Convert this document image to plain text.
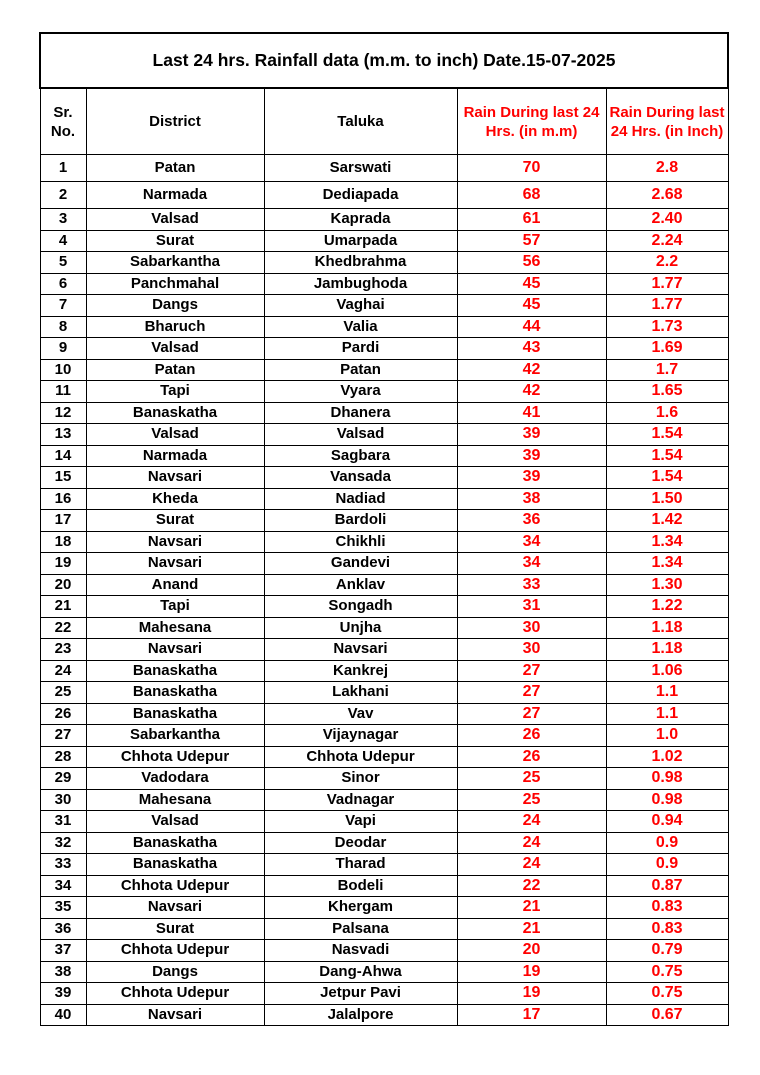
Last 24 hrs. Rainfall data (m.m. to inch) Date.15-07-2025				
Sr. No.	District	Taluka	Rain During last 24 Hrs. (in m.m)	Rain During last 24 Hrs. (in Inch)
1	Patan	Sarswati	70	2.8
2	Narmada	Dediapada	68	2.68
3	Valsad	Kaprada	61	2.40
4	Surat	Umarpada	57	2.24
5	Sabarkantha	Khedbrahma	56	2.2
6	Panchmahal	Jambughoda	45	1.77
7	Dangs	Vaghai	45	1.77
8	Bharuch	Valia	44	1.73
9	Valsad	Pardi	43	1.69
10	Patan	Patan	42	1.7
11	Tapi	Vyara	42	1.65
12	Banaskatha	Dhanera	41	1.6
13	Valsad	Valsad	39	1.54
14	Narmada	Sagbara	39	1.54
15	Navsari	Vansada	39	1.54
16	Kheda	Nadiad	38	1.50
17	Surat	Bardoli	36	1.42
18	Navsari	Chikhli	34	1.34
19	Navsari	Gandevi	34	1.34
20	Anand	Anklav	33	1.30
21	Tapi	Songadh	31	1.22
22	Mahesana	Unjha	30	1.18
23	Navsari	Navsari	30	1.18
24	Banaskatha	Kankrej	27	1.06
25	Banaskatha	Lakhani	27	1.1
26	Banaskatha	Vav	27	1.1
27	Sabarkantha	Vijaynagar	26	1.0
28	Chhota Udepur	Chhota Udepur	26	1.02
29	Vadodara	Sinor	25	0.98
30	Mahesana	Vadnagar	25	0.98
31	Valsad	Vapi	24	0.94
32	Banaskatha	Deodar	24	0.9
33	Banaskatha	Tharad	24	0.9
34	Chhota Udepur	Bodeli	22	0.87
35	Navsari	Khergam	21	0.83
36	Surat	Palsana	21	0.83
37	Chhota Udepur	Nasvadi	20	0.79
38	Dangs	Dang-Ahwa	19	0.75
39	Chhota Udepur	Jetpur Pavi	19	0.75
40	Navsari	Jalalpore	17	0.67
